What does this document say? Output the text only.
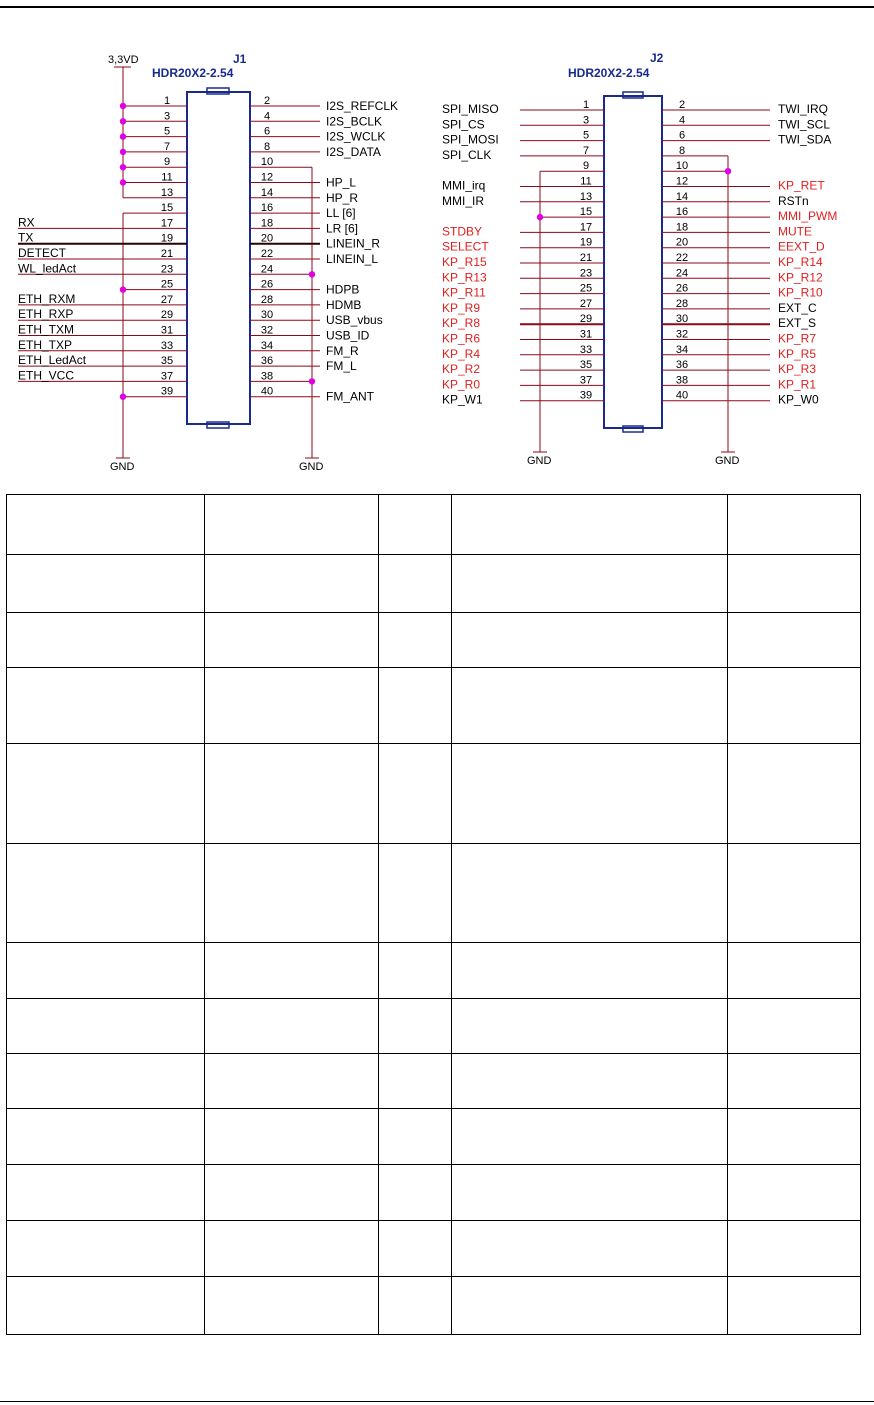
J1
HDR20X2-2.54
3,3VD
GND	GND
1
3
5
7
9
11
13
15
17
RX
19
TX
21
DETECT
23
WL_ledAct
25
27
ETH_RXM
29
ETH_RXP
31
ETH_TXM
33
ETH_TXP
35
ETH_LedAct
37
ETH_VCC
39
2	I2S_REFCLK
4	I2S_BCLK
6	I2S_WCLK
8	I2S_DATA
10
12	HP_L
14	HP_R
16	LL [6]
18	LR [6]
20	LINEIN_R
22	LINEIN_L
24
26	HDPB
28	HDMB
30	USB_vbus
32	USB_ID
34	FM_R
36	FM_L
38
40	FM_ANT
J2
HDR20X2-2.54
GND	GND
1
SPI_MISO
3
SPI_CS
5
SPI_MOSI
7
SPI_CLK
9
11
MMI_irq
13
MMI_IR
15
17
STDBY
19
SELECT
21
KP_R15
23
KP_R13
25
KP_R11
27
KP_R9
29
KP_R8
31
KP_R6
33
KP_R4
35
KP_R2
37
KP_R0
39
KP_W1
2	TWI_IRQ
4	TWI_SCL
6	TWI_SDA
8
10
12	KP_RET
14	RSTn
16	MMI_PWM
18	MUTE
20	EEXT_D
22	KP_R14
24	KP_R12
26	KP_R10
28	EXT_C
30	EXT_S
32	KP_R7
34	KP_R5
36	KP_R3
38	KP_R1
40	KP_W0
